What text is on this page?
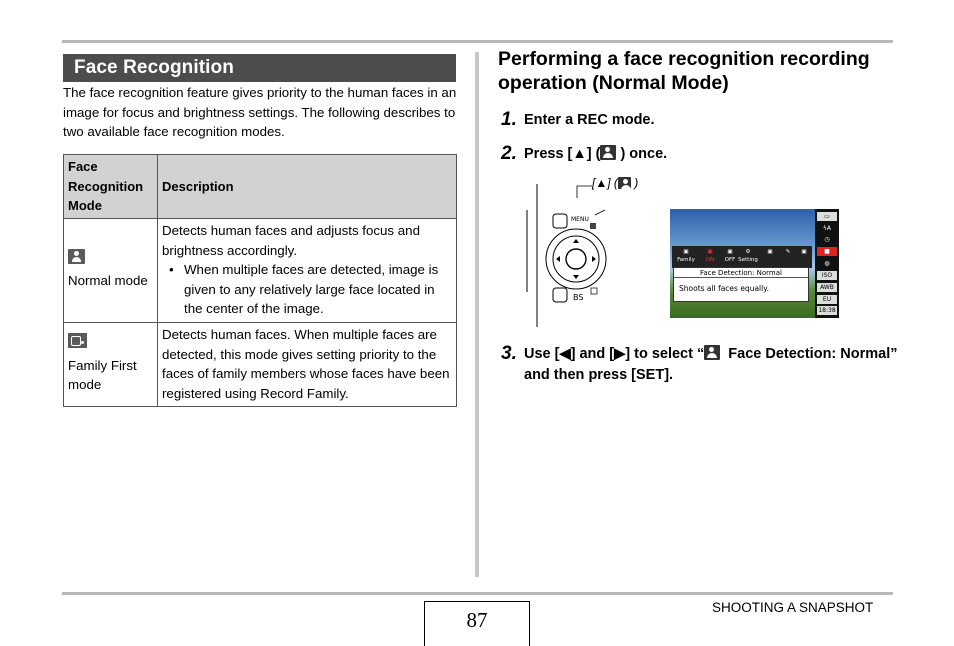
Face Recognition

The face recognition feature gives priority to the human faces in an image for focus and brightness settings. The following describes to two available face recognition modes.

Face Recognition Mode	Description

Normal mode	Detects human faces and adjusts focus and brightness accordingly.
• When multiple faces are detected, image is given to any relatively large face located in the center of the image.

Family First mode	Detects human faces. When multiple faces are detected, this mode gives setting priority to the faces of family members whose faces have been registered using Record Family.
Performing a face recognition recording operation (Normal Mode)
1. Enter a REC mode.
2. Press [▲] ( ) once.
[▲] ( )
MENU
BS
▭
ϟA
◷
■
◍
ISO
AWB
EU
18:38
▣
Family
▣
ON
▣
OFF
⚙
Setting
▣	✎	▣
Face Detection: Normal
Shoots all faces equally.
3. Use [◀] and [▶] to select “ Face Detection: Normal” and then press [SET].
87
SHOOTING A SNAPSHOT
